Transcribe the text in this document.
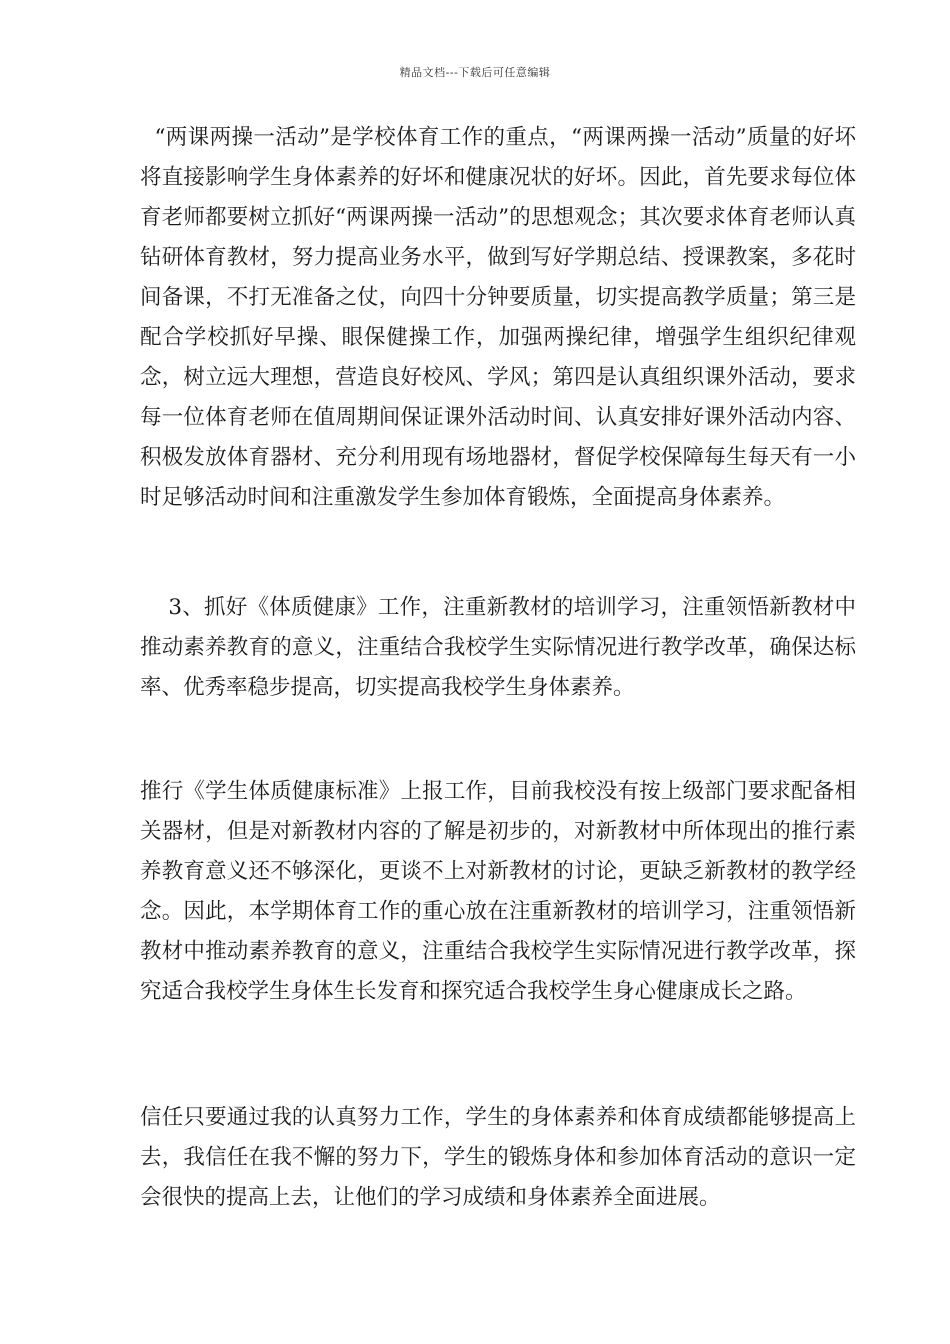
精品文档---下载后可任意编辑

“两课两操一活动”是学校体育工作的重点，“两课两操一活动”质量的好坏将直接影响学生身体素养的好坏和健康况状的好坏。因此，首先要求每位体育老师都要树立抓好“两课两操一活动”的思想观念；其次要求体育老师认真钻研体育教材，努力提高业务水平，做到写好学期总结、授课教案，多花时间备课，不打无准备之仗，向四十分钟要质量，切实提高教学质量；第三是配合学校抓好早操、眼保健操工作，加强两操纪律，增强学生组织纪律观念，树立远大理想，营造良好校风、学风；第四是认真组织课外活动，要求每一位体育老师在值周期间保证课外活动时间、认真安排好课外活动内容、积极发放体育器材、充分利用现有场地器材，督促学校保障每生每天有一小时足够活动时间和注重激发学生参加体育锻炼，全面提高身体素养。

3、抓好《体质健康》工作，注重新教材的培训学习，注重领悟新教材中推动素养教育的意义，注重结合我校学生实际情况进行教学改革，确保达标率、优秀率稳步提高，切实提高我校学生身体素养。

推行《学生体质健康标准》上报工作，目前我校没有按上级部门要求配备相关器材，但是对新教材内容的了解是初步的，对新教材中所体现出的推行素养教育意义还不够深化，更谈不上对新教材的讨论，更缺乏新教材的教学经念。因此，本学期体育工作的重心放在注重新教材的培训学习，注重领悟新教材中推动素养教育的意义，注重结合我校学生实际情况进行教学改革，探究适合我校学生身体生长发育和探究适合我校学生身心健康成长之路。

信任只要通过我的认真努力工作，学生的身体素养和体育成绩都能够提高上去，我信任在我不懈的努力下，学生的锻炼身体和参加体育活动的意识一定会很快的提高上去，让他们的学习成绩和身体素养全面进展。
